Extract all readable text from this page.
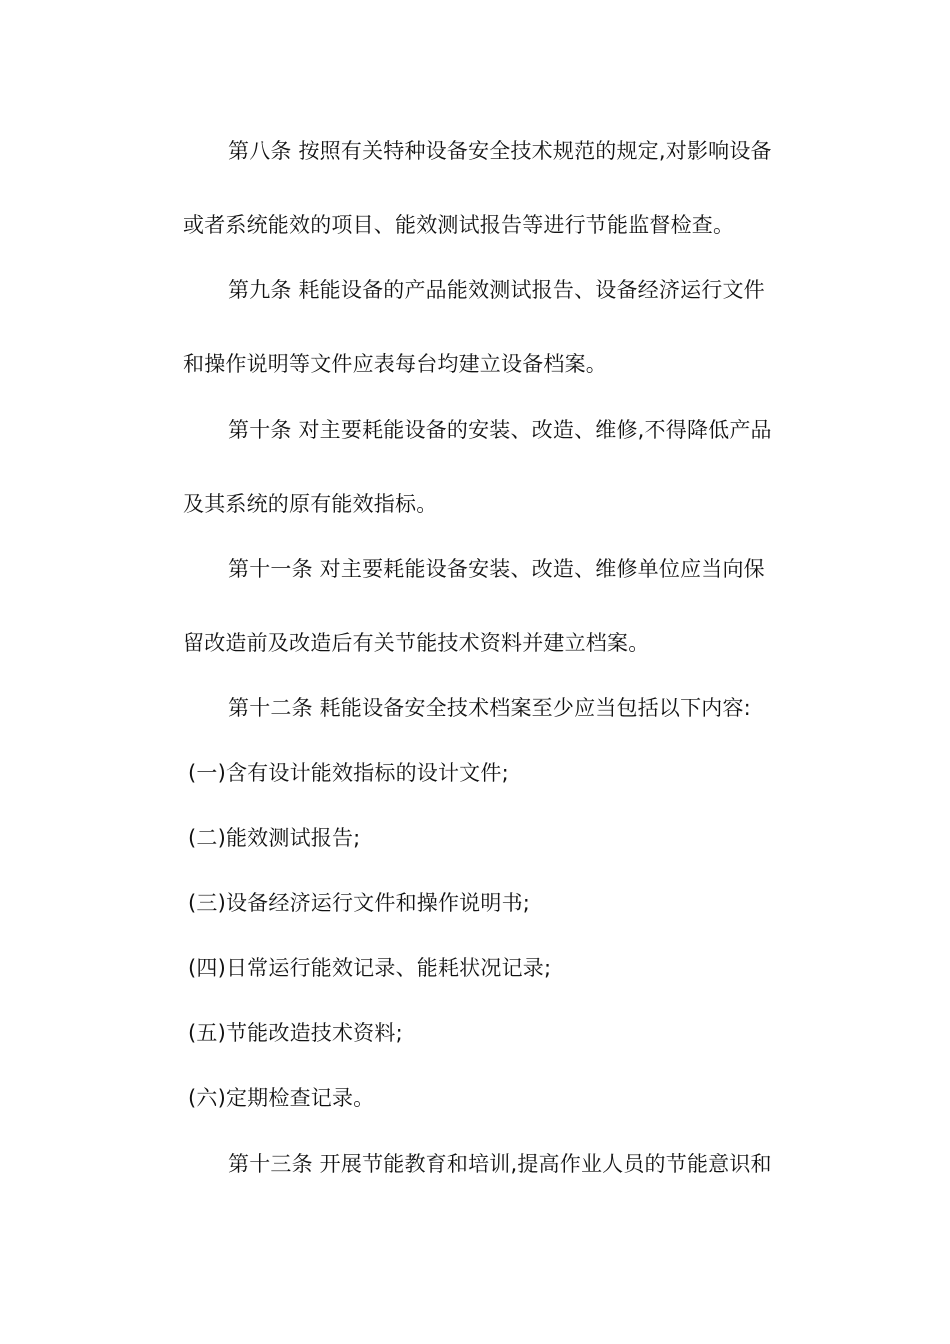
第八条 按照有关特种设备安全技术规范的规定,对影响设备
或者系统能效的项目、能效测试报告等进行节能监督检查。
第九条 耗能设备的产品能效测试报告、设备经济运行文件
和操作说明等文件应表每台均建立设备档案。
第十条 对主要耗能设备的安装、改造、维修,不得降低产品
及其系统的原有能效指标。
第十一条 对主要耗能设备安装、改造、维修单位应当向保
留改造前及改造后有关节能技术资料并建立档案。
第十二条 耗能设备安全技术档案至少应当包括以下内容:
(一)含有设计能效指标的设计文件;
(二)能效测试报告;
(三)设备经济运行文件和操作说明书;
(四)日常运行能效记录、能耗状况记录;
(五)节能改造技术资料;
(六)定期检查记录。
第十三条 开展节能教育和培训,提高作业人员的节能意识和
